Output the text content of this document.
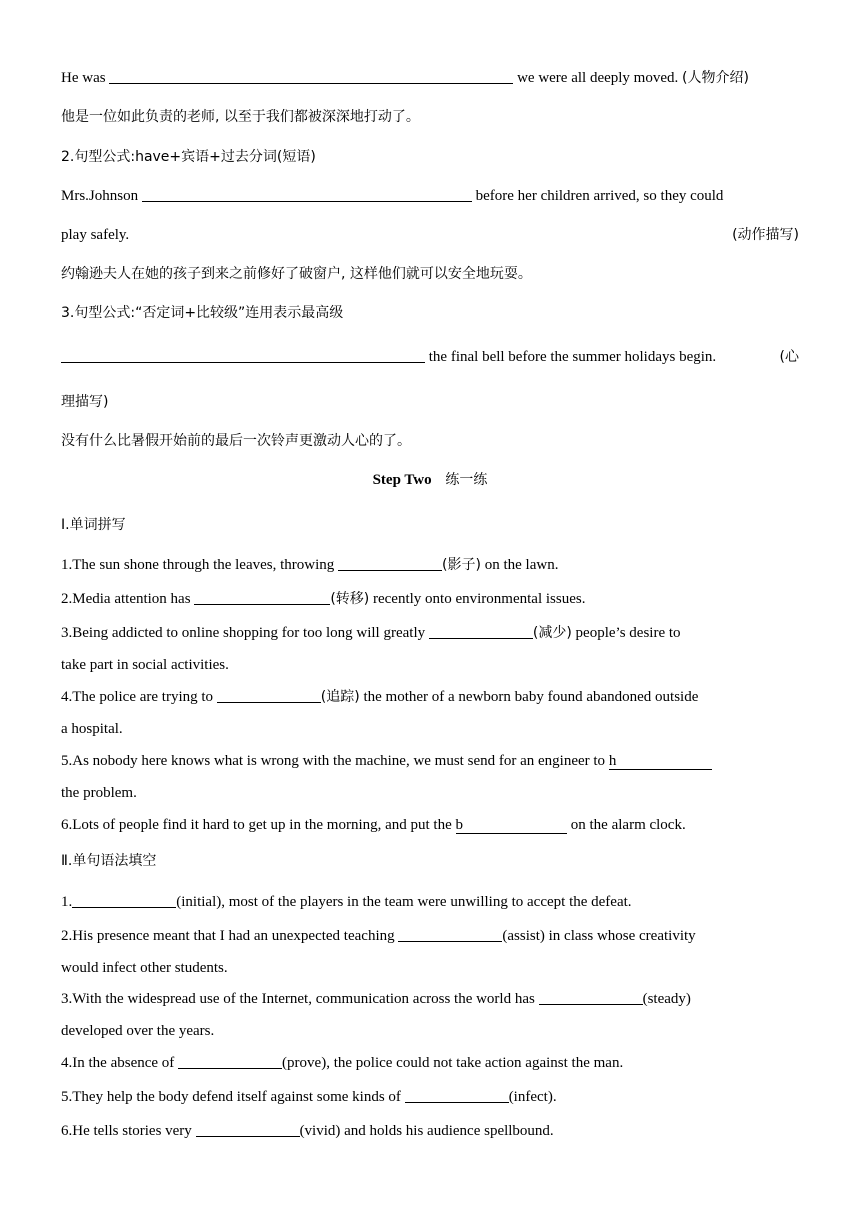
He was	we were all deeply moved. (人物介绍)
他是一位如此负责的老师, 以至于我们都被深深地打动了。
2.句型公式:have+宾语+过去分词(短语)
Mrs.Johnson	before her children arrived, so they could
play safely.	(动作描写)
约翰逊夫人在她的孩子到来之前修好了破窗户, 这样他们就可以安全地玩耍。
3.句型公式:“否定词+比较级”连用表示最高级
the final bell before the summer holidays begin.	(心
理描写)
没有什么比暑假开始前的最后一次铃声更激动人心的了。
Step Two 练一练
Ⅰ.单词拼写
1.The sun shone through the leaves, throwing	(影子) on the lawn.
2.Media attention has	(转移) recently onto environmental issues.
3.Being addicted to online shopping for too long will greatly	(减少) people’s desire to
take part in social activities.
4.The police are trying to	(追踪) the mother of a newborn baby found abandoned outside
a hospital.
5.As nobody here knows what is wrong with the machine, we must send for an engineer to h
the problem.
6.Lots of people find it hard to get up in the morning, and put the b	on the alarm clock.
Ⅱ.单句语法填空
1.	(initial), most of the players in the team were unwilling to accept the defeat.
2.His presence meant that I had an unexpected teaching	(assist) in class whose creativity
would infect other students.
3.With the widespread use of the Internet, communication across the world has	(steady)
developed over the years.
4.In the absence of	(prove), the police could not take action against the man.
5.They help the body defend itself against some kinds of	(infect).
6.He tells stories very	(vivid) and holds his audience spellbound.
